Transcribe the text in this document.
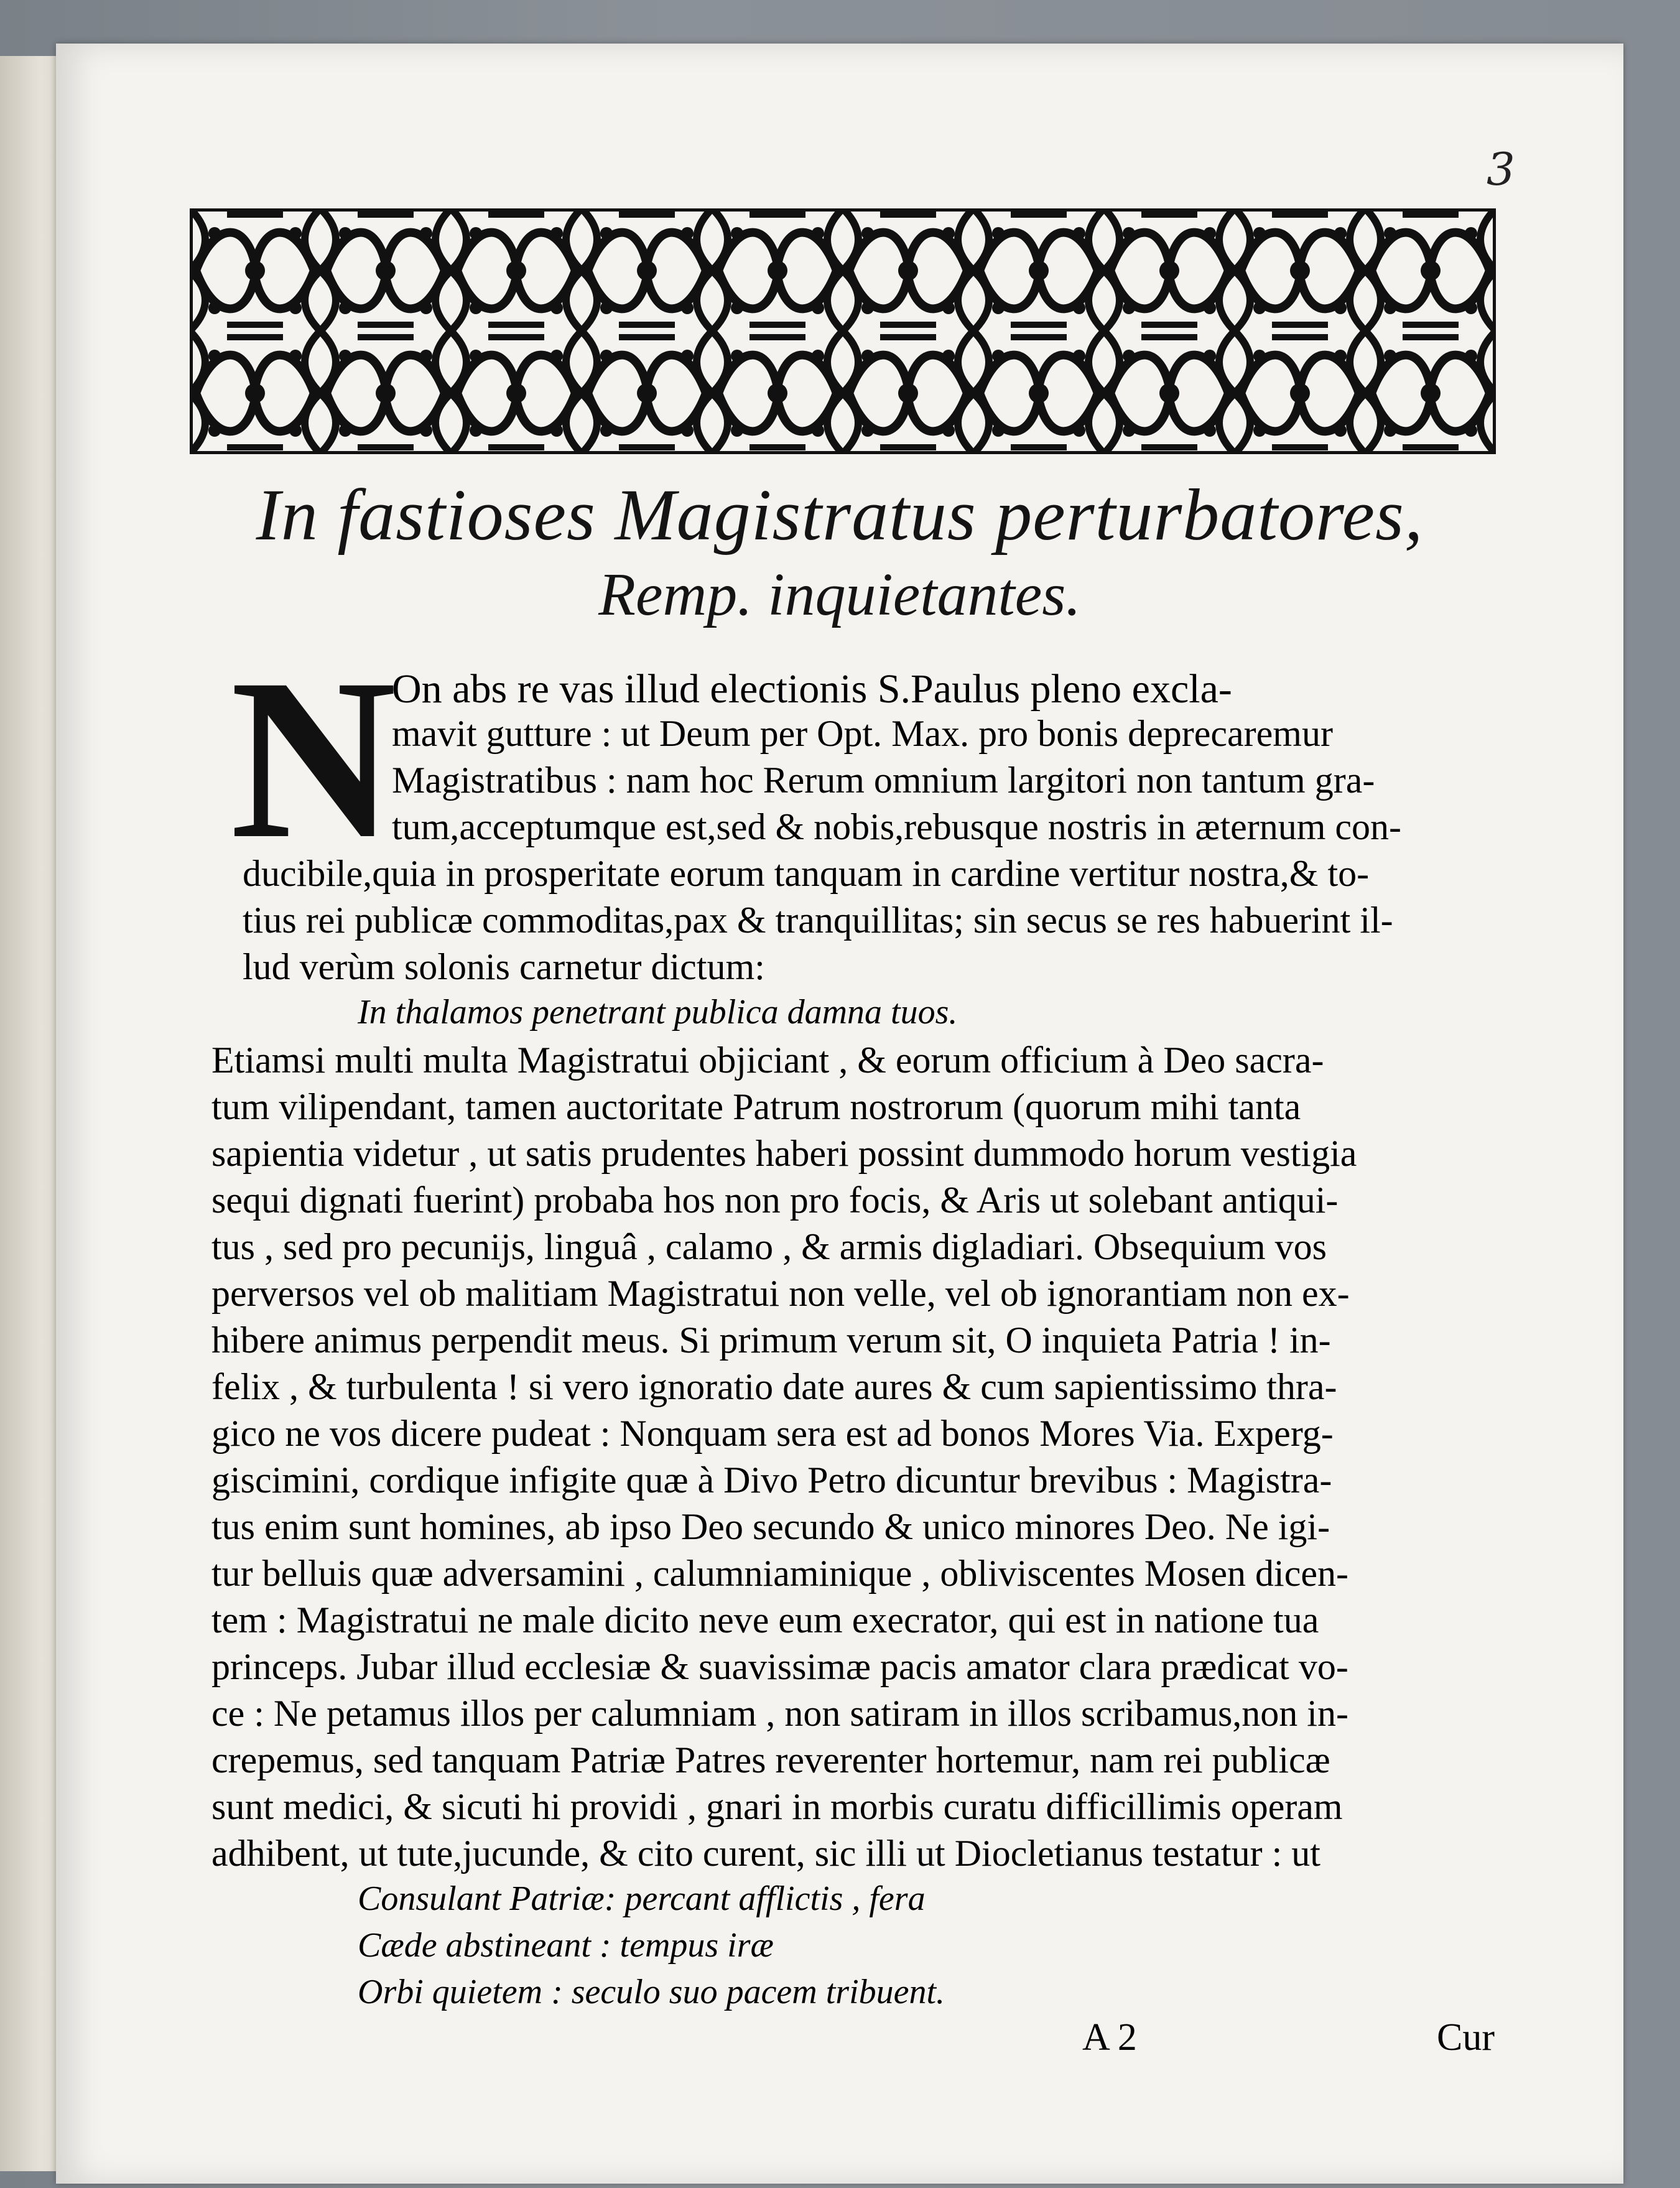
3
In fastioses Magistratus perturbatores,
Remp. inquietantes.
N
On abs re vas illud electionis S.Paulus pleno excla-
mavit gutture : ut Deum per Opt. Max. pro bonis deprecaremur
Magistratibus : nam hoc Rerum omnium largitori non tantum gra-
tum,acceptumque est,sed & nobis,rebusque nostris in æternum con-
ducibile,quia in prosperitate eorum tanquam in cardine vertitur nostra,& to-
tius rei publicæ commoditas,pax & tranquillitas; sin secus se res habuerint il-
lud verùm solonis carnetur dictum:
In thalamos penetrant publica damna tuos.
Etiamsi multi multa Magistratui objiciant , & eorum officium à Deo sacra-
tum vilipendant, tamen auctoritate Patrum nostrorum (quorum mihi tanta
sapientia videtur , ut satis prudentes haberi possint dummodo horum vestigia
sequi dignati fuerint) probaba hos non pro focis, & Aris ut solebant antiqui-
tus , sed pro pecunijs, linguâ , calamo , & armis digladiari. Obsequium vos
perversos vel ob malitiam Magistratui non velle, vel ob ignorantiam non ex-
hibere animus perpendit meus. Si primum verum sit, O inquieta Patria ! in-
felix , & turbulenta ! si vero ignoratio date aures & cum sapientissimo thra-
gico ne vos dicere pudeat : Nonquam sera est ad bonos Mores Via. Experg-
giscimini, cordique infigite quæ à Divo Petro dicuntur brevibus : Magistra-
tus enim sunt homines, ab ipso Deo secundo & unico minores Deo. Ne igi-
tur belluis quæ adversamini , calumniaminique , obliviscentes Mosen dicen-
tem : Magistratui ne male dicito neve eum execrator, qui est in natione tua
princeps. Jubar illud ecclesiæ & suavissimæ pacis amator clara prædicat vo-
ce : Ne petamus illos per calumniam , non satiram in illos scribamus,non in-
crepemus, sed tanquam Patriæ Patres reverenter hortemur, nam rei publicæ
sunt medici, & sicuti hi providi , gnari in morbis curatu difficillimis operam
adhibent, ut tute,jucunde, & cito curent, sic illi ut Diocletianus testatur : ut
Consulant Patriæ: percant afflictis , fera
Cæde abstineant : tempus iræ
Orbi quietem : seculo suo pacem tribuent.
A 2	Cur
